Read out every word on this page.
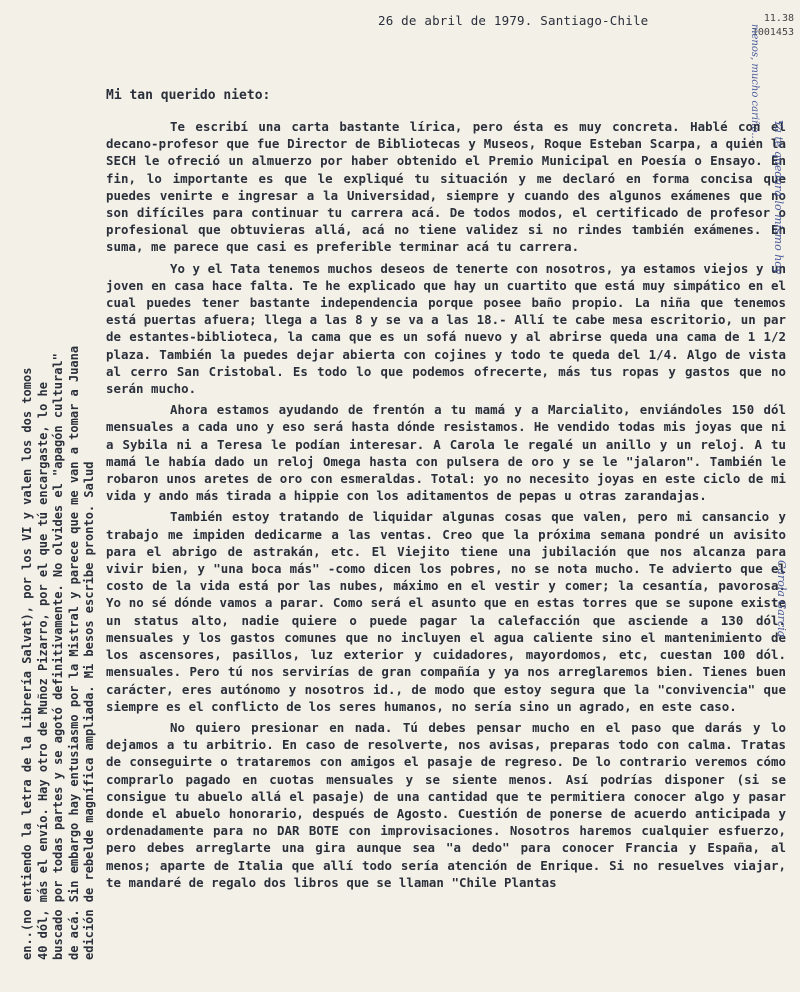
11.38
1001453
menos, mucho cariño...
26 de abril de 1979. Santiago-Chile
Mi tan querido nieto:

Te escribí una carta bastante lírica, pero ésta es muy concreta. Hablé con el decano-profesor que fue Director de Bibliotecas y Museos, Roque Esteban Scarpa, a quien la SECH le ofreció un almuerzo por haber obtenido el Premio Municipal en Poesía o Ensayo. En fin, lo importante es que le expliqué tu situación y me declaró en forma concisa que puedes venirte e ingresar a la Universidad, siempre y cuando des algunos exámenes que no son difíciles para continuar tu carrera acá. De todos modos, el certificado de profesor o profesional que obtuvieras allá, acá no tiene validez si no rindes también exámenes. En suma, me parece que casi es preferible terminar acá tu carrera.

Yo y el Tata tenemos muchos deseos de tenerte con nosotros, ya estamos viejos y un joven en casa hace falta. Te he explicado que hay un cuartito que está muy simpático en el cual puedes tener bastante independencia porque posee baño propio. La niña que tenemos está puertas afuera; llega a las 8 y se va a las 18.- Allí te cabe mesa escritorio, un par de estantes-biblioteca, la cama que es un sofá nuevo y al abrirse queda una cama de 1 1/2 plaza. También la puedes dejar abierta con cojines y todo te queda del 1/4. Algo de vista al cerro San Cristobal. Es todo lo que podemos ofrecerte, más tus ropas y gastos que no serán mucho.

Ahora estamos ayudando de frentón a tu mamá y a Marcialito, enviándoles 150 dól mensuales a cada uno y eso será hasta dónde resistamos. He vendido todas mis joyas que ni a Sybila ni a Teresa le podían interesar. A Carola le regalé un anillo y un reloj. A tu mamá le había dado un reloj Omega hasta con pulsera de oro y se le "jalaron". También le robaron unos aretes de oro con esmeraldas. Total: yo no necesito joyas en este ciclo de mi vida y ando más tirada a hippie con los aditamentos de pepas u otras zarandajas.

También estoy tratando de liquidar algunas cosas que valen, pero mi cansancio y trabajo me impiden dedicarme a las ventas. Creo que la próxima semana pondré un avisito para el abrigo de astrakán, etc. El Viejito tiene una jubilación que nos alcanza para vivir bien, y "una boca más" -como dicen los pobres, no se nota mucho. Te advierto que el costo de la vida está por las nubes, máximo en el vestir y comer; la cesantía, pavorosa. Yo no sé dónde vamos a parar. Como será el asunto que en estas torres que se supone existe un status alto, nadie quiere o puede pagar la calefacción que asciende a 130 dól. mensuales y los gastos comunes que no incluyen el agua caliente sino el mantenimiento de los ascensores, pasillos, luz exterior y cuidadores, mayordomos, etc, cuestan 100 dól. mensuales. Pero tú nos servirías de gran compañía y ya nos arreglaremos bien. Tienes buen carácter, eres autónomo y nosotros id., de modo que estoy segura que la "convivencia" que siempre es el conflicto de los seres humanos, no sería sino un agrado, en este caso.

No quiero presionar en nada. Tú debes pensar mucho en el paso que darás y lo dejamos a tu arbitrio. En caso de resolverte, nos avisas, preparas todo con calma. Tratas de conseguirte o trataremos con amigos el pasaje de regreso. De lo contrario veremos cómo comprarlo pagado en cuotas mensuales y se siente menos. Así podrías disponer (si se consigue tu abuelo allá el pasaje) de una cantidad que te permitiera conocer algo y pasar donde el abuelo honorario, después de Agosto. Cuestión de ponerse de acuerdo anticipada y ordenadamente para no DAR BOTE con improvisaciones. Nosotros haremos cualquier esfuerzo, pero debes arreglarte una gira aunque sea "a dedo" para conocer Francia y España, al menos; aparte de Italia que allí todo sería atención de Enrique. Si no resuelves viajar, te mandaré de regalo dos libros que se llaman "Chile Plantas

en..(no entiendo la letra de la Librería Salvat), por los VI y valen los dos tomos 40 dól, más el envío. Hay otro de Muñoz Pizarro, por el que tú encargaste, lo he buscado por todas partes y se agotó definitivamente. No olvides el "apagón cultural" de acá. Sin embargo hay entusiasmo por la Mistral y parece que me van a tomar a Juana edición de rebelde magnífica ampliada. Mi besos escribe pronto. Salud
Ya te quedará lo mismo hoy
Carola Garcia
